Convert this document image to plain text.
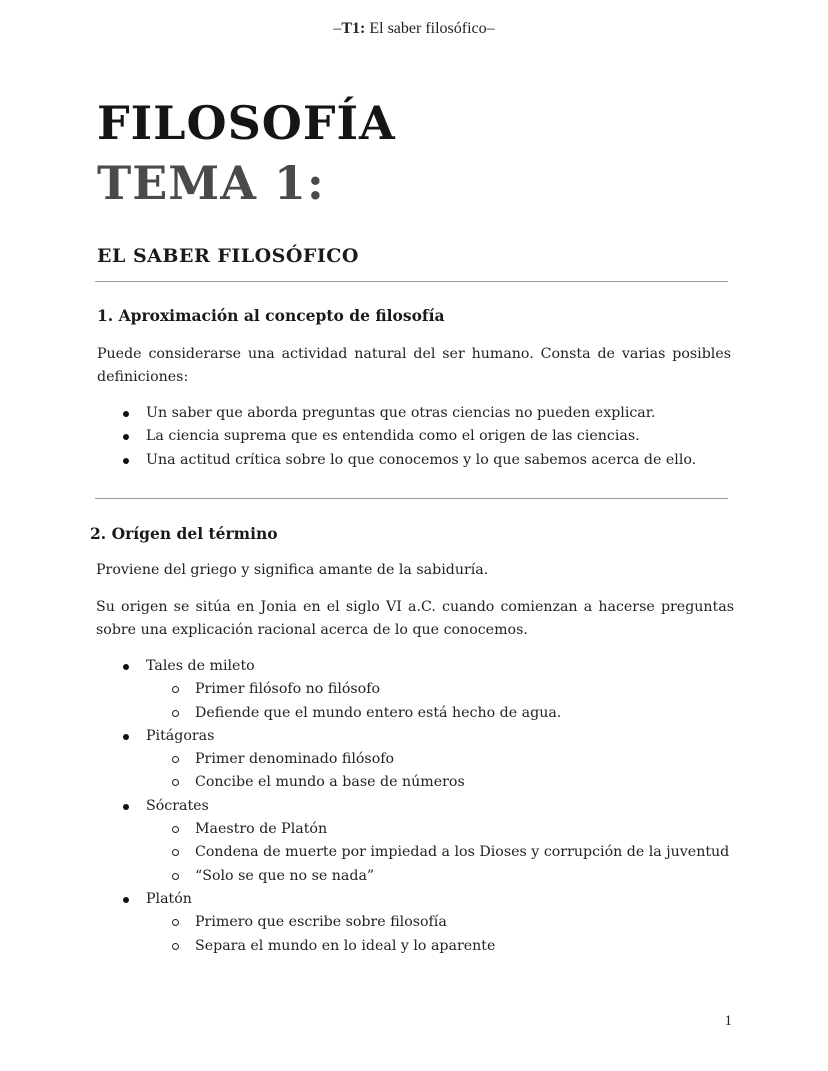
–T1: El saber filosófico–
FILOSOFÍA
TEMA 1:
EL SABER FILOSÓFICO
1. Aproximación al concepto de filosofía

Puede considerarse una actividad natural del ser humano. Consta de varias posibles definiciones:

Un saber que aborda preguntas que otras ciencias no pueden explicar.
La ciencia suprema que es entendida como el origen de las ciencias.
Una actitud crítica sobre lo que conocemos y lo que sabemos acerca de ello.
2. Orígen del término

Proviene del griego y significa amante de la sabiduría.

Su origen se sitúa en Jonia en el siglo VI a.C. cuando comienzan a hacerse preguntas sobre una explicación racional acerca de lo que conocemos.

Tales de mileto
Primer filósofo no filósofo
Defiende que el mundo entero está hecho de agua.
Pitágoras
Primer denominado filósofo
Concibe el mundo a base de números
Sócrates
Maestro de Platón
Condena de muerte por impiedad a los Dioses y corrupción de la juventud
“Solo se que no se nada”
Platón
Primero que escribe sobre filosofía
Separa el mundo en lo ideal y lo aparente
1
